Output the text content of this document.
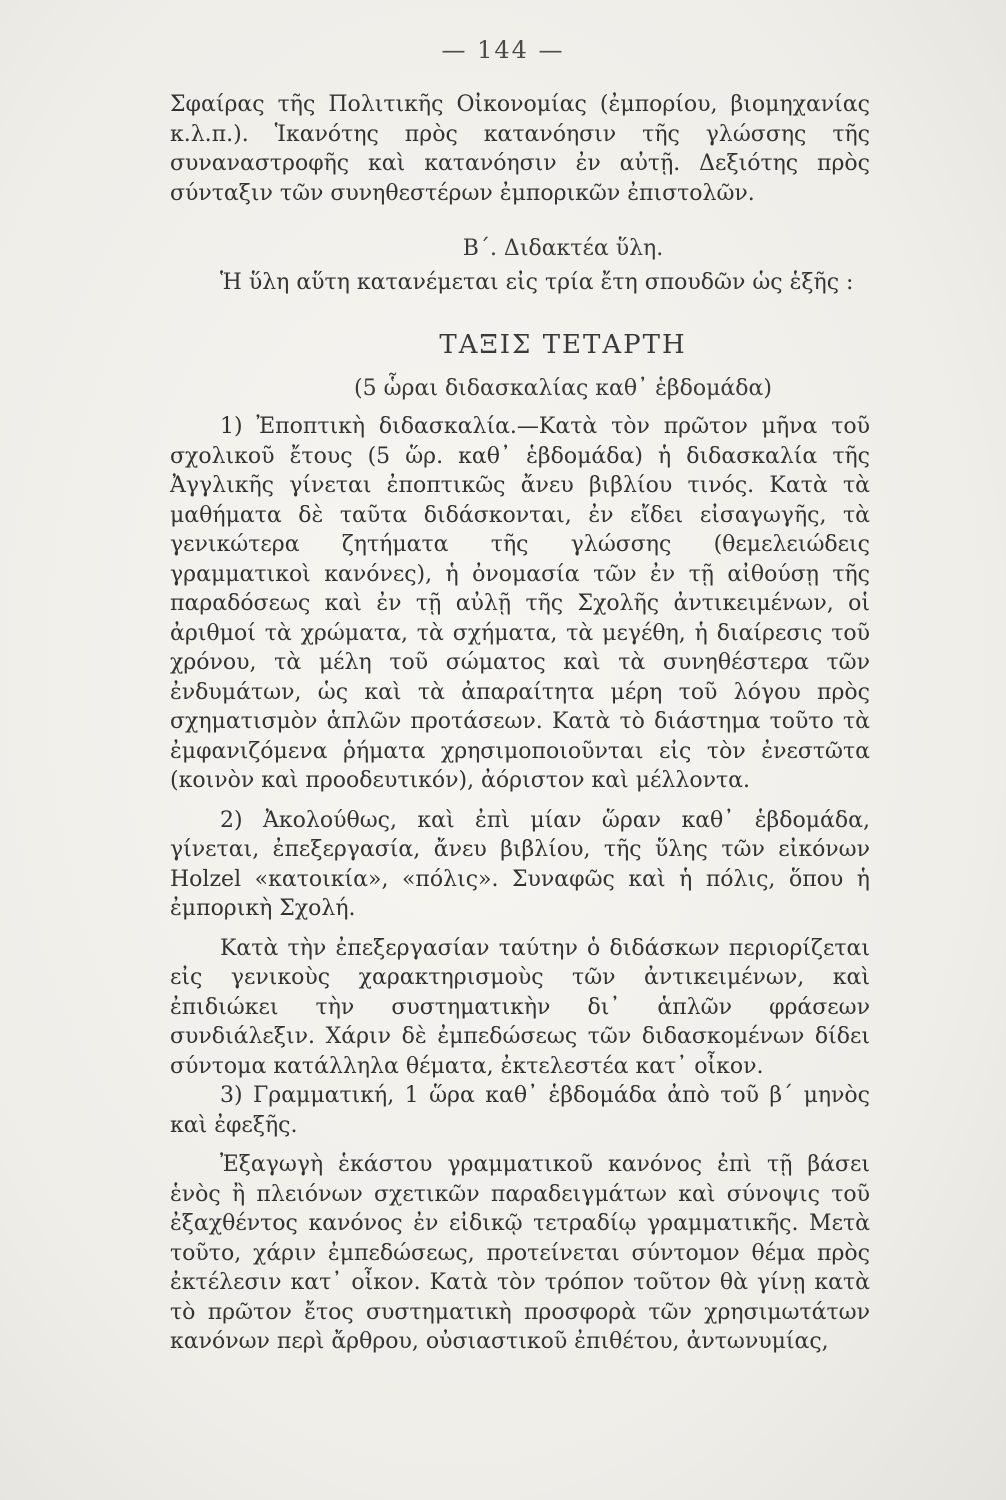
— 144 —

Σφαίρας τῆς Πολιτικῆς Οἰκονομίας (ἐμπορίου, βιομηχανίας κ.λ.π.). Ἱκανότης πρὸς κατανόησιν τῆς γλώσσης τῆς συναναστροφῆς καὶ κατανόησιν ἐν αὐτῇ. Δεξιότης πρὸς σύνταξιν τῶν συνηθεστέρων ἐμπορικῶν ἐπιστολῶν.

Β΄. Διδακτέα ὕλη.

Ἡ ὕλη αὕτη κατανέμεται εἰς τρία ἔτη σπουδῶν ὡς ἑξῆς :

ΤΑΞΙΣ ΤΕΤΑΡΤΗ
(5 ὧραι διδασκαλίας καθ᾽ ἑβδομάδα)

1) Ἐποπτικὴ διδασκαλία.—Κατὰ τὸν πρῶτον μῆνα τοῦ σχολικοῦ ἔτους (5 ὥρ. καθ᾽ ἑβδομάδα) ἡ διδασκαλία τῆς Ἀγγλικῆς γίνεται ἐποπτικῶς ἄνευ βιβλίου τινός. Κατὰ τὰ μαθήματα δὲ ταῦτα διδάσκονται, ἐν εἴδει εἰσαγωγῆς, τὰ γενικώτερα ζητήματα τῆς γλώσσης (θεμελειώδεις γραμματικοὶ κανόνες), ἡ ὀνομασία τῶν ἐν τῇ αἰθούσῃ τῆς παραδόσεως καὶ ἐν τῇ αὐλῇ τῆς Σχολῆς ἀντικειμένων, οἱ ἀριθμοί τὰ χρώματα, τὰ σχήματα, τὰ μεγέθη, ἡ διαίρεσις τοῦ χρόνου, τὰ μέλη τοῦ σώματος καὶ τὰ συνηθέστερα τῶν ἐνδυμάτων, ὡς καὶ τὰ ἀπαραίτητα μέρη τοῦ λόγου πρὸς σχηματισμὸν ἁπλῶν προτάσεων. Κατὰ τὸ διάστημα τοῦτο τὰ ἐμφανιζόμενα ῥήματα χρησιμοποιοῦνται εἰς τὸν ἐνεστῶτα (κοινὸν καὶ προοδευτικόν), ἀόριστον καὶ μέλλοντα.

2) Ἀκολούθως, καὶ ἐπὶ μίαν ὥραν καθ᾽ ἑβδομάδα, γίνεται, ἐπεξεργασία, ἄνευ βιβλίου, τῆς ὕλης τῶν εἰκόνων Holzel «κατοικία», «πόλις». Συναφῶς καὶ ἡ πόλις, ὅπου ἡ ἐμπορικὴ Σχολή.

Κατὰ τὴν ἐπεξεργασίαν ταύτην ὁ διδάσκων περιορίζεται εἰς γενικοὺς χαρακτηρισμοὺς τῶν ἀντικειμένων, καὶ ἐπιδιώκει τὴν συστηματικὴν δι᾽ ἁπλῶν φράσεων συνδιάλεξιν. Χάριν δὲ ἐμπεδώσεως τῶν διδασκομένων δίδει σύντομα κατάλληλα θέματα, ἐκτελεστέα κατ᾽ οἶκον.

3) Γραμματική, 1 ὥρα καθ᾽ ἑβδομάδα ἀπὸ τοῦ β΄ μηνὸς καὶ ἐφεξῆς.

Ἐξαγωγὴ ἑκάστου γραμματικοῦ κανόνος ἐπὶ τῇ βάσει ἑνὸς ἢ πλειόνων σχετικῶν παραδειγμάτων καὶ σύνοψις τοῦ ἐξαχθέντος κανόνος ἐν εἰδικῷ τετραδίῳ γραμματικῆς. Μετὰ τοῦτο, χάριν ἐμπεδώσεως, προτείνεται σύντομον θέμα πρὸς ἐκτέλεσιν κατ᾽ οἶκον. Κατὰ τὸν τρόπον τοῦτον θὰ γίνῃ κατὰ τὸ πρῶτον ἔτος συστηματικὴ προσφορὰ τῶν χρησιμωτάτων κανόνων περὶ ἄρθρου, οὐσιαστικοῦ ἐπιθέτου, ἀντωνυμίας,
